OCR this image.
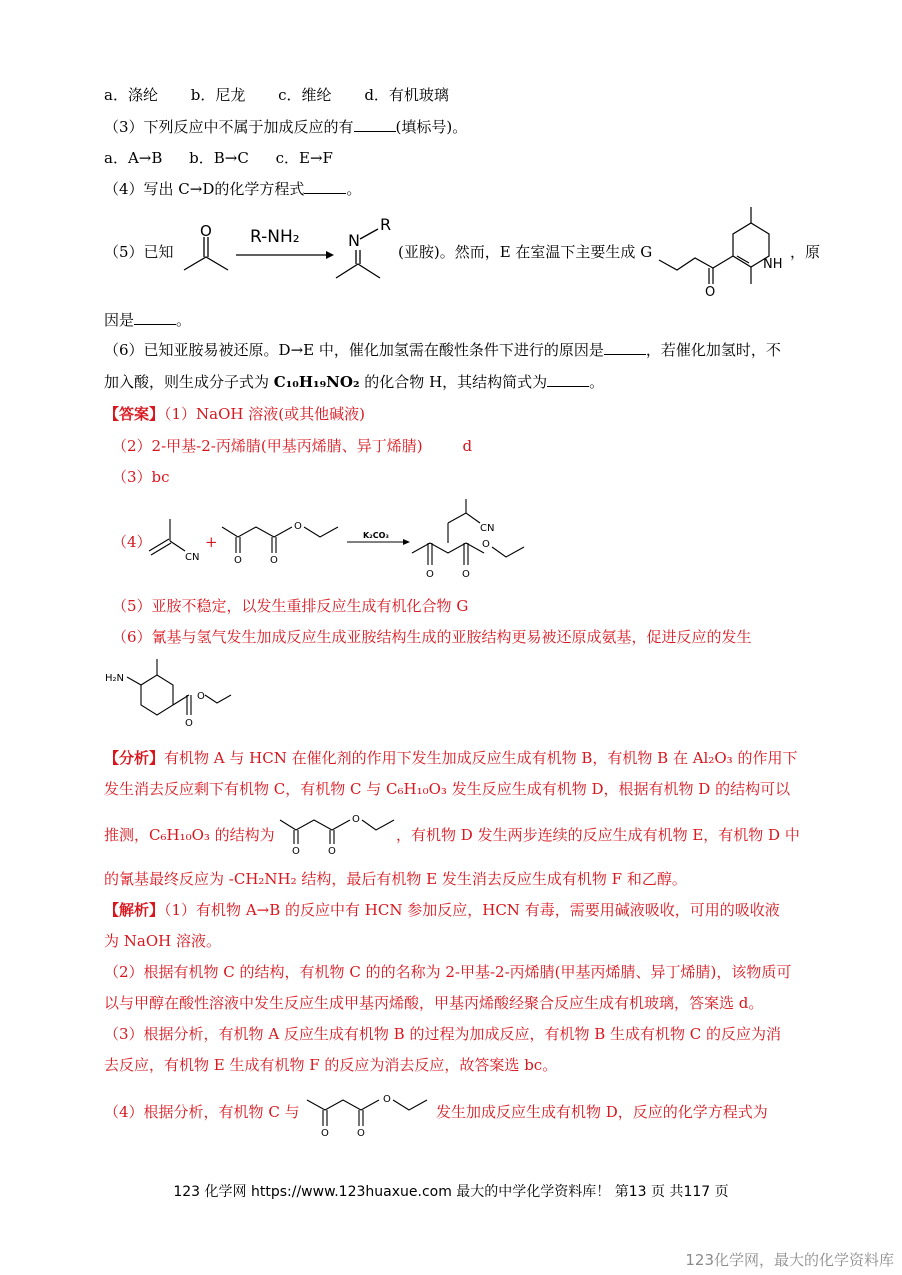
a．涤纶 b．尼龙 c．维纶 d．有机玻璃
（3）下列反应中不属于加成反应的有	(填标号)。
a．A→B b．B→C c．E→F
（4）写出 C→D的化学方程式	。
（5）已知
O R-NH₂
R
N
(亚胺)。然而，E 在室温下主要生成 G
O
NH
，原
因是	。
（6）已知亚胺易被还原。D→E 中，催化加氢需在酸性条件下进行的原因是	，若催化加氢时，不
加入酸，则生成分子式为 C₁₀H₁₉NO₂ 的化合物 H，其结构简式为	。
【答案】（1）NaOH 溶液(或其他碱液)
（2）2-甲基-2-丙烯腈(甲基丙烯腈、异丁烯腈)	d
（3）bc
（4）
CN
+
O	O
O
K₂CO₃
CN
O	O
O
（5）亚胺不稳定，以发生重排反应生成有机化合物 G
（6）氰基与氢气发生加成反应生成亚胺结构生成的亚胺结构更易被还原成氨基，促进反应的发生
H₂N
O
O
【分析】有机物 A 与 HCN 在催化剂的作用下发生加成反应生成有机物 B，有机物 B 在 Al₂O₃ 的作用下
发生消去反应剩下有机物 C，有机物 C 与 C₆H₁₀O₃ 发生反应生成有机物 D，根据有机物 D 的结构可以
推测，C₆H₁₀O₃ 的结构为
O	O
O
，有机物 D 发生两步连续的反应生成有机物 E，有机物 D 中
的氰基最终反应为 -CH₂NH₂ 结构，最后有机物 E 发生消去反应生成有机物 F 和乙醇。
【解析】（1）有机物 A→B 的反应中有 HCN 参加反应，HCN 有毒，需要用碱液吸收，可用的吸收液
为 NaOH 溶液。
（2）根据有机物 C 的结构，有机物 C 的的名称为 2-甲基-2-丙烯腈(甲基丙烯腈、异丁烯腈)，该物质可
以与甲醇在酸性溶液中发生反应生成甲基丙烯酸，甲基丙烯酸经聚合反应生成有机玻璃，答案选 d。
（3）根据分析，有机物 A 反应生成有机物 B 的过程为加成反应，有机物 B 生成有机物 C 的反应为消
去反应，有机物 E 生成有机物 F 的反应为消去反应，故答案选 bc。
（4）根据分析，有机物 C 与
O	O
O
发生加成反应生成有机物 D，反应的化学方程式为
123 化学网 https://www.123huaxue.com 最大的中学化学资料库！ 第13 页 共117 页
123化学网，最大的化学资料库
